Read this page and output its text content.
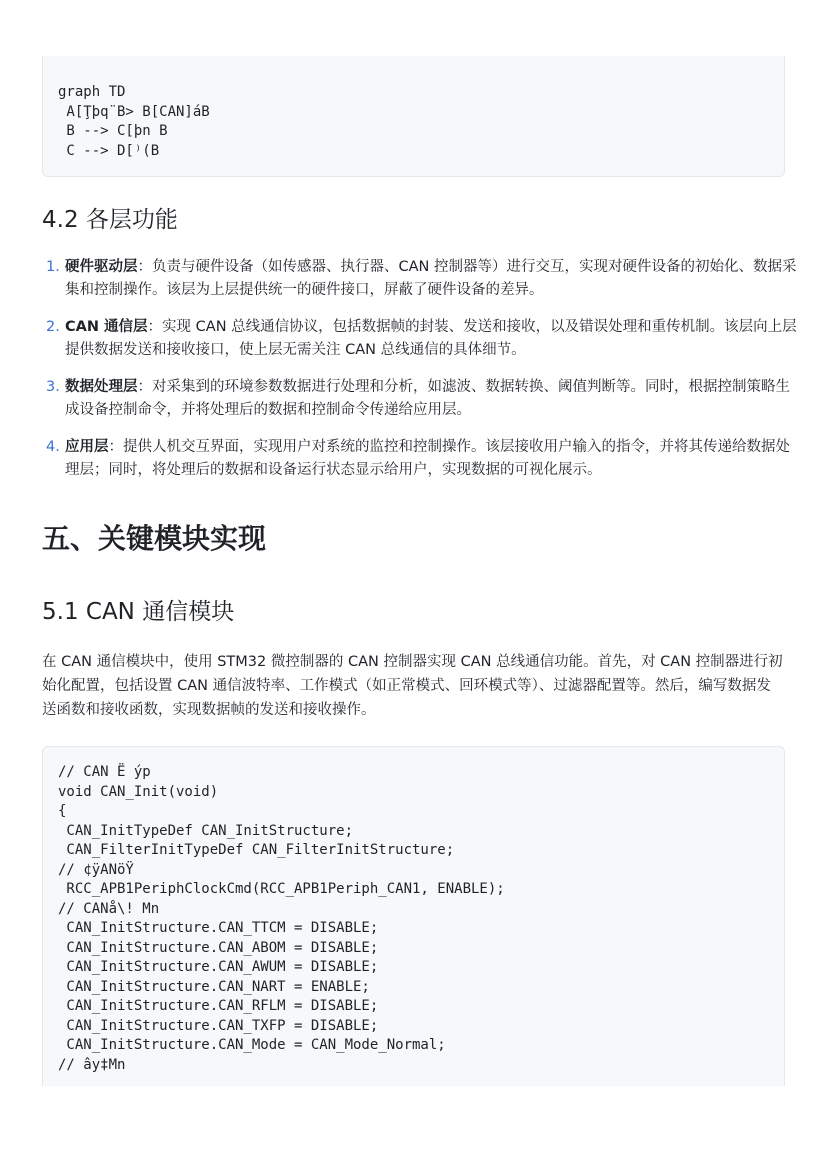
graph TD
A[Ţþq¨B> B[CAN]áB
B --> C[þn B
C --> D[⁾(B
4.2 各层功能
1. 硬件驱动层：负责与硬件设备（如传感器、执行器、CAN 控制器等）进行交互，实现对硬件设备的初始化、数据采集和控制操作。该层为上层提供统一的硬件接口，屏蔽了硬件设备的差异。
2. CAN 通信层：实现 CAN 总线通信协议，包括数据帧的封装、发送和接收，以及错误处理和重传机制。该层向上层提供数据发送和接收接口，使上层无需关注 CAN 总线通信的具体细节。
3. 数据处理层：对采集到的环境参数数据进行处理和分析，如滤波、数据转换、阈值判断等。同时，根据控制策略生成设备控制命令，并将处理后的数据和控制命令传递给应用层。
4. 应用层：提供人机交互界面，实现用户对系统的监控和控制操作。该层接收用户输入的指令，并将其传递给数据处理层；同时，将处理后的数据和设备运行状态显示给用户，实现数据的可视化展示。
五、关键模块实现
5.1 CAN 通信模块

在 CAN 通信模块中，使用 STM32 微控制器的 CAN 控制器实现 CAN 总线通信功能。首先，对 CAN 控制器进行初始化配置，包括设置 CAN 通信波特率、工作模式（如正常模式、回环模式等）、过滤器配置等。然后，编写数据发送函数和接收函数，实现数据帧的发送和接收操作。

// CAN Ë ýp
void CAN_Init(void)
{
CAN_InitTypeDef CAN_InitStructure;
CAN_FilterInitTypeDef CAN_FilterInitStructure;
// ¢ÿANöŸ
RCC_APB1PeriphClockCmd(RCC_APB1Periph_CAN1, ENABLE);
// CANå\! Mn
CAN_InitStructure.CAN_TTCM = DISABLE;
CAN_InitStructure.CAN_ABOM = DISABLE;
CAN_InitStructure.CAN_AWUM = DISABLE;
CAN_InitStructure.CAN_NART = ENABLE;
CAN_InitStructure.CAN_RFLM = DISABLE;
CAN_InitStructure.CAN_TXFP = DISABLE;
CAN_InitStructure.CAN_Mode = CAN_Mode_Normal;
// ây‡Mn
